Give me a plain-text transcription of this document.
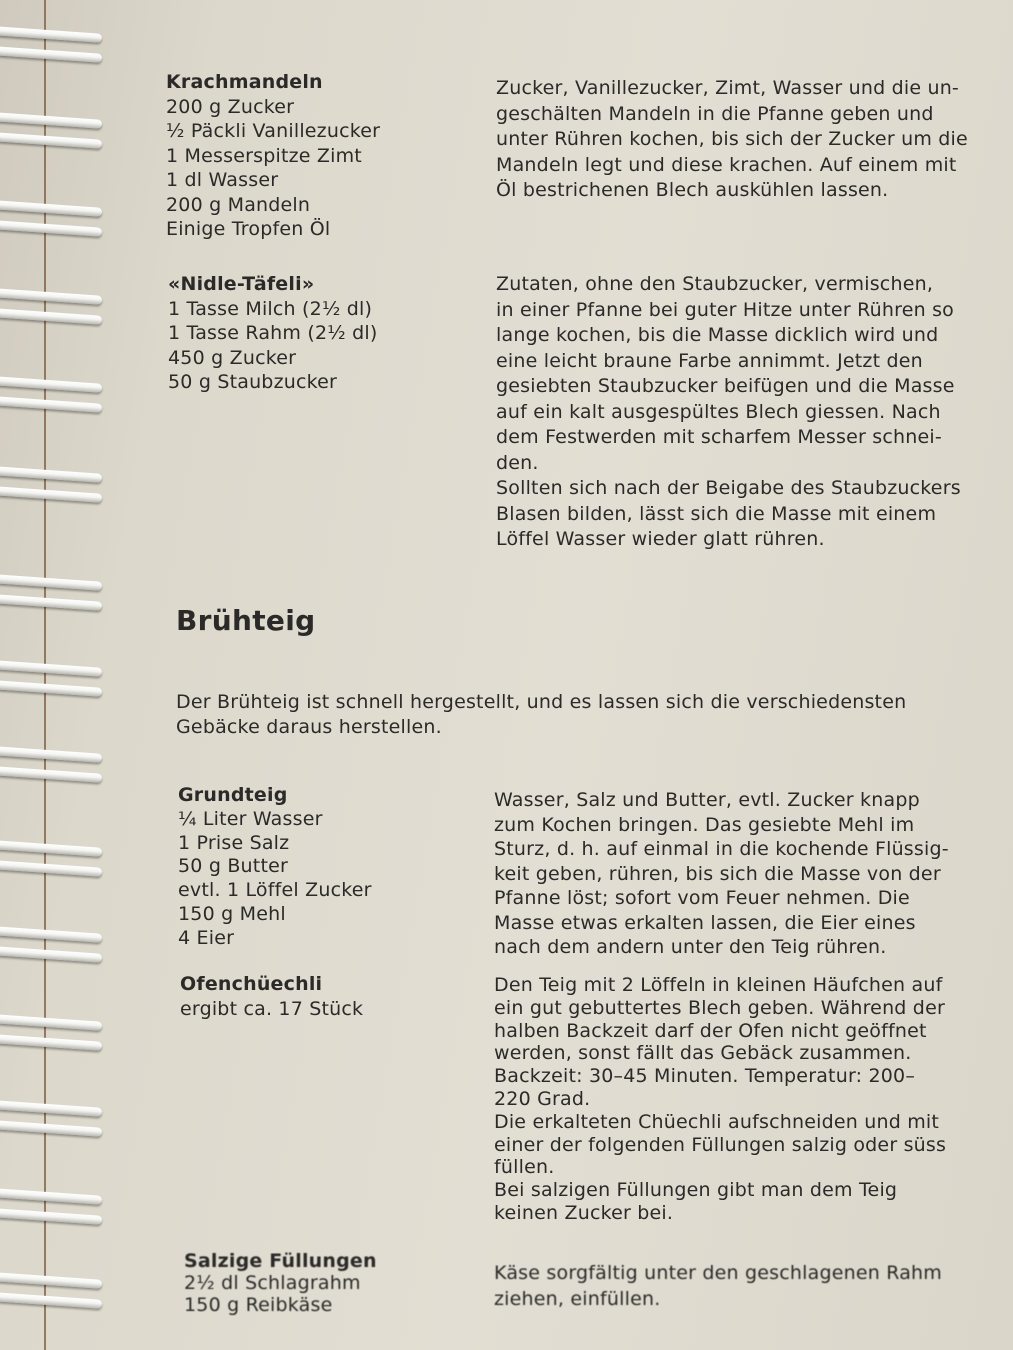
Krachmandeln
200 g Zucker
½ Päckli Vanillezucker
1 Messerspitze Zimt
1 dl Wasser
200 g Mandeln
Einige Tropfen Öl
Zucker, Vanillezucker, Zimt, Wasser und die un-
geschälten Mandeln in die Pfanne geben und
unter Rühren kochen, bis sich der Zucker um die
Mandeln legt und diese krachen. Auf einem mit
Öl bestrichenen Blech auskühlen lassen.
«Nidle-Täfeli»
1 Tasse Milch (2½ dl)
1 Tasse Rahm (2½ dl)
450 g Zucker
50 g Staubzucker
Zutaten, ohne den Staubzucker, vermischen,
in einer Pfanne bei guter Hitze unter Rühren so
lange kochen, bis die Masse dicklich wird und
eine leicht braune Farbe annimmt. Jetzt den
gesiebten Staubzucker beifügen und die Masse
auf ein kalt ausgespültes Blech giessen. Nach
dem Festwerden mit scharfem Messer schnei-
den.
Sollten sich nach der Beigabe des Staubzuckers
Blasen bilden, lässt sich die Masse mit einem
Löffel Wasser wieder glatt rühren.
Brühteig
Der Brühteig ist schnell hergestellt, und es lassen sich die verschiedensten
Gebäcke daraus herstellen.
Grundteig
¼ Liter Wasser
1 Prise Salz
50 g Butter
evtl. 1 Löffel Zucker
150 g Mehl
4 Eier
Wasser, Salz und Butter, evtl. Zucker knapp
zum Kochen bringen. Das gesiebte Mehl im
Sturz, d. h. auf einmal in die kochende Flüssig-
keit geben, rühren, bis sich die Masse von der
Pfanne löst; sofort vom Feuer nehmen. Die
Masse etwas erkalten lassen, die Eier eines
nach dem andern unter den Teig rühren.
Ofenchüechli
ergibt ca. 17 Stück
Den Teig mit 2 Löffeln in kleinen Häufchen auf
ein gut gebuttertes Blech geben. Während der
halben Backzeit darf der Ofen nicht geöffnet
werden, sonst fällt das Gebäck zusammen.
Backzeit: 30–45 Minuten. Temperatur: 200–
220 Grad.
Die erkalteten Chüechli aufschneiden und mit
einer der folgenden Füllungen salzig oder süss
füllen.
Bei salzigen Füllungen gibt man dem Teig
keinen Zucker bei.
Salzige Füllungen
2½ dl Schlagrahm
150 g Reibkäse
Käse sorgfältig unter den geschlagenen Rahm
ziehen, einfüllen.
